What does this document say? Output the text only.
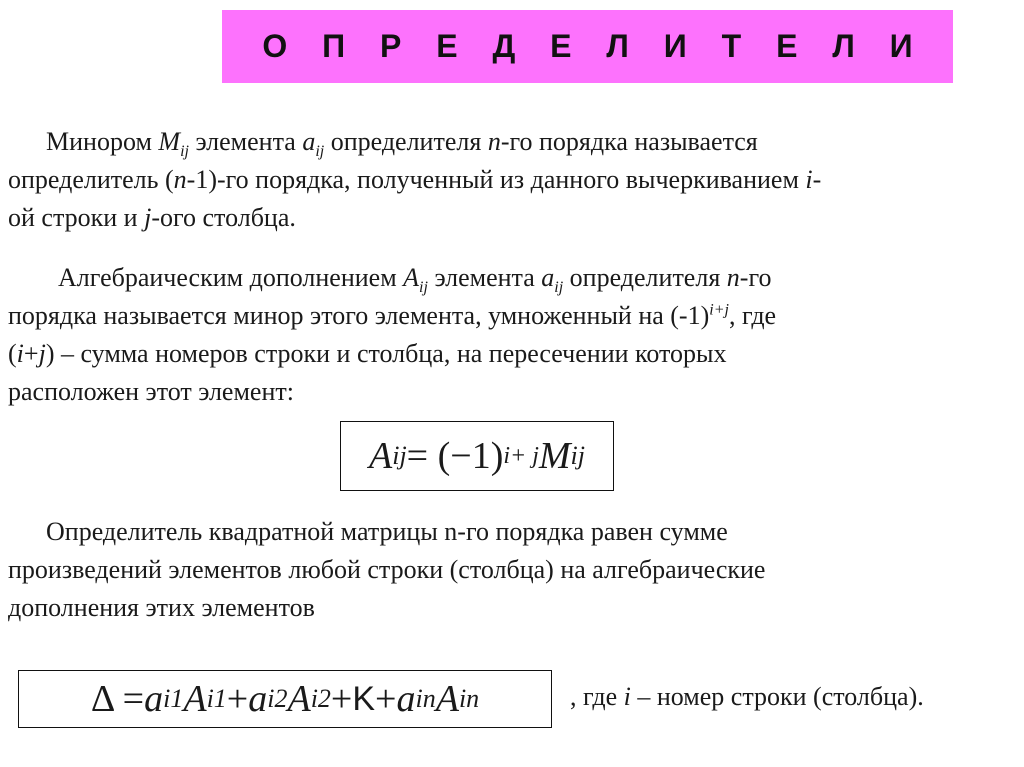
О П Р Е Д Е Л И Т Е Л И

Минором $M_{ij}$ элемента $a_{ij}$ определителя n-го порядка называется
определитель (n-1)-го порядка, полученный из данного вычеркиванием i-
ой строки и j-ого столбца.

Алгебраическим дополнением $A_{ij}$ элемента $a_{ij}$ определителя n-го
порядка называется минор этого элемента, умноженный на $(-1)^{i+j}$, где
(i+j) – сумма номеров строки и столбца, на пересечении которых
расположен этот элемент:

A ij = (−1) i+ j M ij

Определитель квадратной матрицы n-го порядка равен сумме
произведений элементов любой строки (столбца) на алгебраические
дополнения этих элементов

Δ = a i1 A i1 + a i2 A i2 + K + a in A in	, где i – номер строки (столбца).
